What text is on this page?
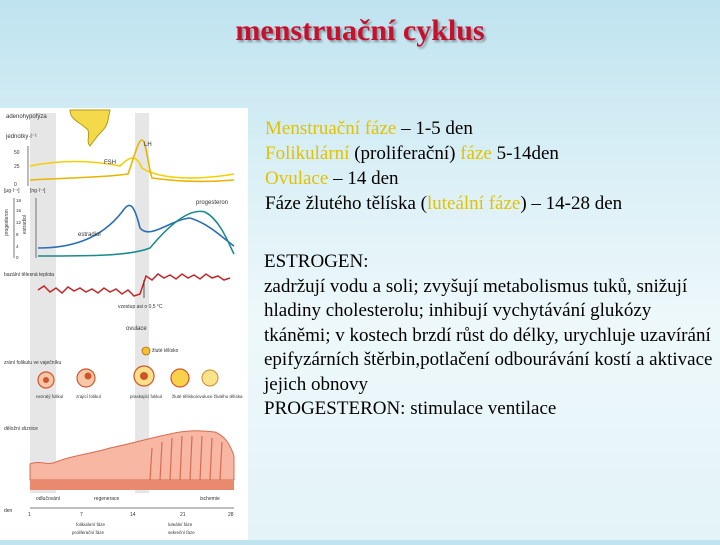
menstruační cyklus
adenohypofýza
jednotky·l⁻¹
50
25
0
LH
FSH
[μg·l⁻¹] [ng·l⁻¹]
progesteron estradiol
18
16
12
8
4
0
estradiol
progesteron
bazální tělesná teplota
vzestup asi o 0,5 °C
ovulace
žluté tělísko
zrání folikulu ve vaječníku
nezralý folikul	zrající folikul	praskající folikul žluté tělísko involuce žlutého tělíska
děložní sliznice
odlučování	regenerace	ischemie
den
1	7	14	21	28
folikulární fáze
proliferační fáze
luteální fáze
sekreční fáze
Menstruační fáze – 1-5 den
Folikulární (proliferační) fáze 5-14den
Ovulace – 14 den
Fáze žlutého tělíska (luteální fáze) – 14-28 den

ESTROGEN:

zadržují vodu a soli; zvyšují metabolismus tuků, snižují hladiny cholesterolu; inhibují vychytávání glukózy tkáněmi; v kostech brzdí růst do délky, urychluje uzavírání epifyzárních štěrbin,potlačení odbourávání kostí a aktivace jejich obnovy

PROGESTERON: stimulace ventilace
